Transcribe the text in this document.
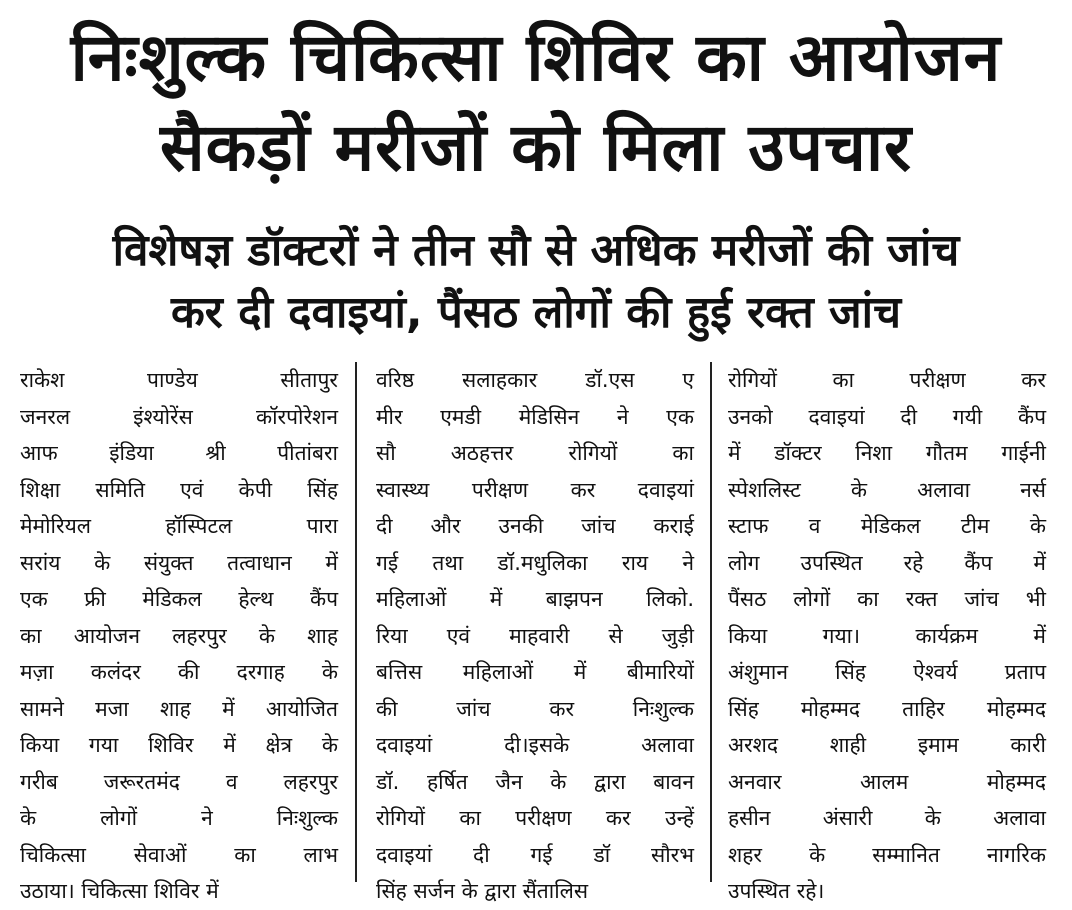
निःशुल्क चिकित्सा शिविर का आयोजन
सैकड़ों मरीजों को मिला उपचार
विशेषज्ञ डॉक्टरों ने तीन सौ से अधिक मरीजों की जांच
कर दी दवाइयां, पैंसठ लोगों की हुई रक्त जांच
राकेश पाण्डेय सीतापुर
जनरल इंश्योरेंस कॉरपोरेशन
आफ इंडिया श्री पीतांबरा
शिक्षा समिति एवं केपी सिंह
मेमोरियल हॉस्पिटल पारा
सरांय के संयुक्त तत्वाधान में
एक फ्री मेडिकल हेल्थ कैंप
का आयोजन लहरपुर के शाह
मज़ा कलंदर की दरगाह के
सामने मजा शाह में आयोजित
किया गया शिविर में क्षेत्र के
गरीब जरूरतमंद व लहरपुर
के लोगों ने निःशुल्क
चिकित्सा सेवाओं का लाभ
उठाया। चिकित्सा शिविर में
वरिष्ठ सलाहकार डॉ.एस ए
मीर एमडी मेडिसिन ने एक
सौ अठहत्तर रोगियों का
स्वास्थ्य परीक्षण कर दवाइयां
दी और उनकी जांच कराई
गई तथा डॉ.मधुलिका राय ने
महिलाओं में बाझपन लिको.
रिया एवं माहवारी से जुड़ी
बत्तिस महिलाओं में बीमारियों
की जांच कर निःशुल्क
दवाइयां दी।इसके अलावा
डॉ. हर्षित जैन के द्वारा बावन
रोगियों का परीक्षण कर उन्हें
दवाइयां दी गई डॉ सौरभ
सिंह सर्जन के द्वारा सैंतालिस
रोगियों का परीक्षण कर
उनको दवाइयां दी गयी कैंप
में डॉक्टर निशा गौतम गाईनी
स्पेशलिस्ट के अलावा नर्स
स्टाफ व मेडिकल टीम के
लोग उपस्थित रहे कैंप में
पैंसठ लोगों का रक्त जांच भी
किया गया। कार्यक्रम में
अंशुमान सिंह ऐश्वर्य प्रताप
सिंह मोहम्मद ताहिर मोहम्मद
अरशद शाही इमाम कारी
अनवार आलम मोहम्मद
हसीन अंसारी के अलावा
शहर के सम्मानित नागरिक
उपस्थित रहे।
